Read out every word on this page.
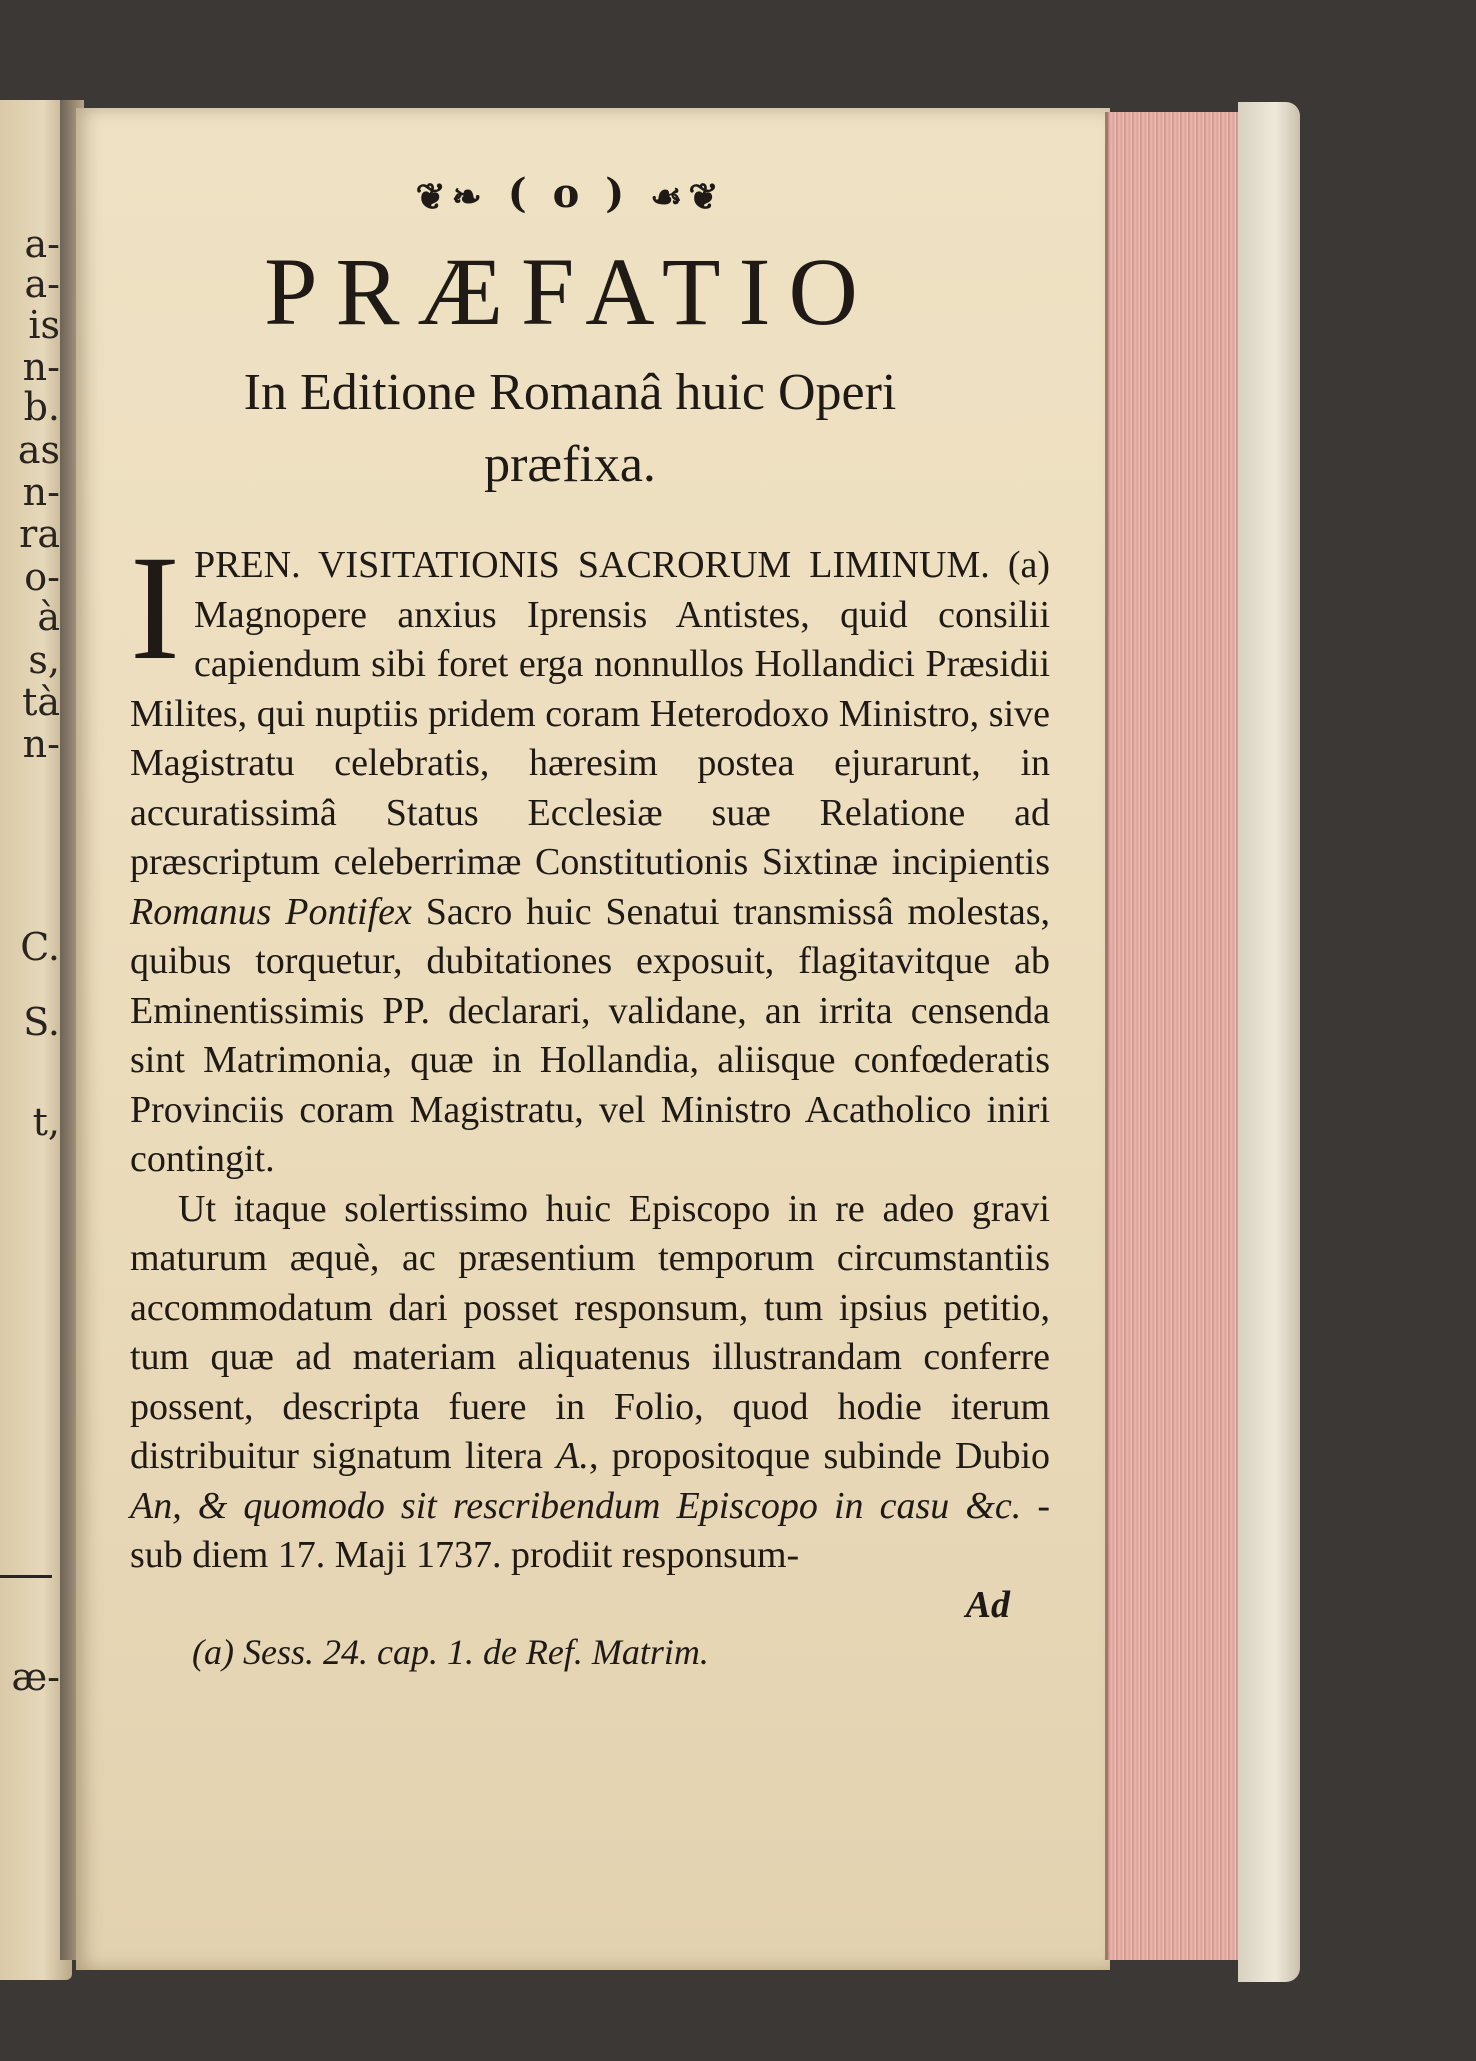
a-
a-
is
n-
b.
as
n-
ra
o-
à
s,
tà
n-
C.
S.
t,
æ-
❦❧ ( o ) ☙❦
PRÆFATIO
In Editione Romanâ huic Operi
præfixa.

I PREN. VISITATIONIS SACRORUM LIMINUM. (a) Magnopere anxius Iprensis Antistes, quid consilii capiendum sibi foret erga nonnullos Hollandici Præsidii Milites, qui nuptiis pridem coram Heterodoxo Ministro, sive Magistratu celebratis, hæresim postea ejurarunt, in accuratissimâ Status Ecclesiæ suæ Relatione ad præscriptum celeberrimæ Constitutionis Sixtinæ incipientis Romanus Pontifex Sacro huic Senatui transmissâ molestas, quibus torquetur, dubitationes exposuit, flagitavitque ab Eminentissimis PP. declarari, validane, an irrita censenda sint Matrimonia, quæ in Hollandia, aliisque confœderatis Provinciis coram Magistratu, vel Ministro Acatholico iniri contingit.

Ut itaque solertissimo huic Episcopo in re adeo gravi maturum æquè, ac præsentium temporum circumstantiis accommodatum dari posset responsum, tum ipsius petitio, tum quæ ad materiam aliquatenus illustrandam conferre possent, descripta fuere in Folio, quod hodie iterum distribuitur signatum litera A., propositoque subinde Dubio An, & quomodo sit rescribendum Episcopo in casu &c. - sub diem 17. Maji 1737. prodiit responsum-

Ad
(a) Sess. 24. cap. 1. de Ref. Matrim.
